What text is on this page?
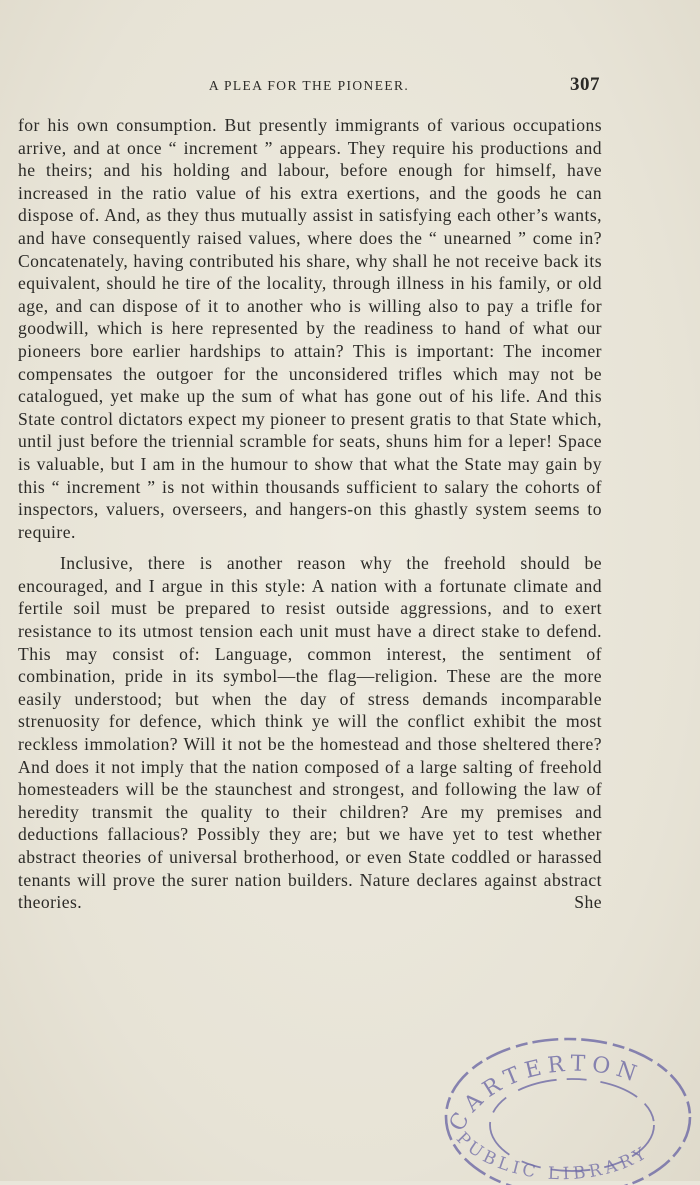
A PLEA FOR THE PIONEER.	307

for his own consumption. But presently immigrants of various occupations arrive, and at once “ increment ” appears. They require his productions and he theirs; and his holding and labour, before enough for himself, have increased in the ratio value of his extra exertions, and the goods he can dispose of. And, as they thus mutually assist in satisfying each other’s wants, and have consequently raised values, where does the “ unearned ” come in? Concatenately, having contributed his share, why shall he not receive back its equivalent, should he tire of the locality, through illness in his family, or old age, and can dispose of it to another who is willing also to pay a trifle for goodwill, which is here represented by the readiness to hand of what our pioneers bore earlier hardships to attain? This is important: The incomer compensates the outgoer for the unconsidered trifles which may not be catalogued, yet make up the sum of what has gone out of his life. And this State control dictators expect my pioneer to present gratis to that State which, until just before the triennial scramble for seats, shuns him for a leper! Space is valuable, but I am in the humour to show that what the State may gain by this “ increment ” is not within thousands sufficient to salary the cohorts of inspectors, valuers, overseers, and hangers-on this ghastly system seems to require.

Inclusive, there is another reason why the freehold should be encouraged, and I argue in this style: A nation with a fortunate climate and fertile soil must be prepared to resist outside aggressions, and to exert resistance to its utmost tension each unit must have a direct stake to defend. This may consist of: Language, common interest, the sentiment of combination, pride in its symbol—the flag—religion. These are the more easily understood; but when the day of stress demands incomparable strenuosity for defence, which think ye will the conflict exhibit the most reckless immolation? Will it not be the homestead and those sheltered there? And does it not imply that the nation composed of a large salting of freehold homesteaders will be the staunchest and strongest, and following the law of heredity transmit the quality to their children? Are my premises and deductions fallacious? Possibly they are; but we have yet to test whether abstract theories of universal brotherhood, or even State coddled or harassed tenants will prove the surer nation builders. Nature declares against abstract theories. She

CARTERTON
PUBLIC LIBRARY
